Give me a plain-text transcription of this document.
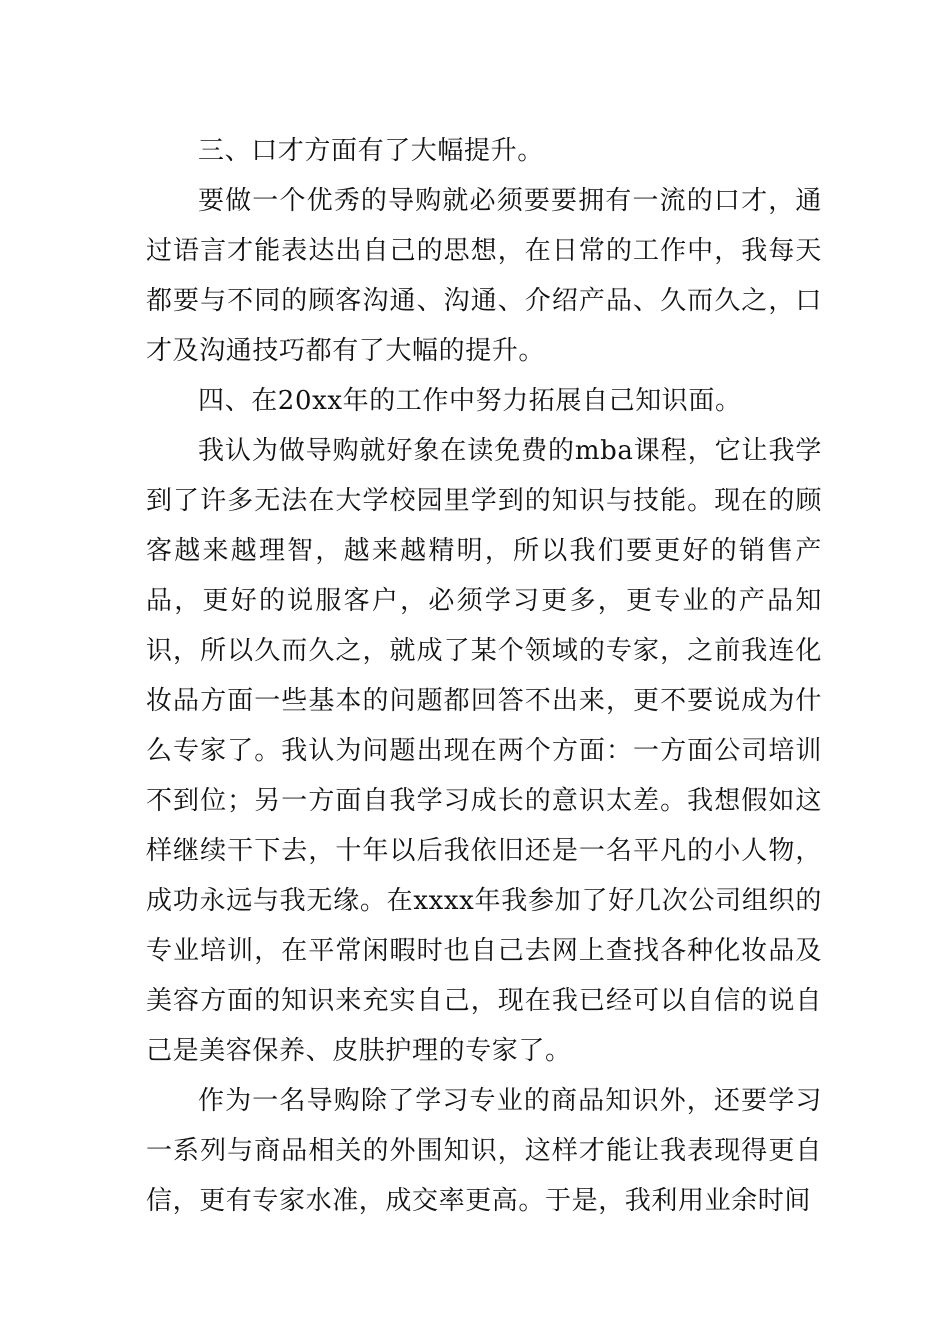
三、口才方面有了大幅提升。

要做一个优秀的导购就必须要要拥有一流的口才，通过语言才能表达出自己的思想，在日常的工作中，我每天都要与不同的顾客沟通、沟通、介绍产品、久而久之，口才及沟通技巧都有了大幅的提升。

四、在20xx年的工作中努力拓展自己知识面。

我认为做导购就好象在读免费的mba课程，它让我学到了许多无法在大学校园里学到的知识与技能。现在的顾客越来越理智，越来越精明，所以我们要更好的销售产品，更好的说服客户，必须学习更多，更专业的产品知识，所以久而久之，就成了某个领域的专家，之前我连化妆品方面一些基本的问题都回答不出来，更不要说成为什么专家了。我认为问题出现在两个方面：一方面公司培训不到位；另一方面自我学习成长的意识太差。我想假如这样继续干下去，十年以后我依旧还是一名平凡的小人物，成功永远与我无缘。在xxxx年我参加了好几次公司组织的专业培训，在平常闲暇时也自己去网上查找各种化妆品及美容方面的知识来充实自己，现在我已经可以自信的说自己是美容保养、皮肤护理的专家了。

作为一名导购除了学习专业的商品知识外，还要学习一系列与商品相关的外围知识，这样才能让我表现得更自信，更有专家水准，成交率更高。于是，我利用业余时间
